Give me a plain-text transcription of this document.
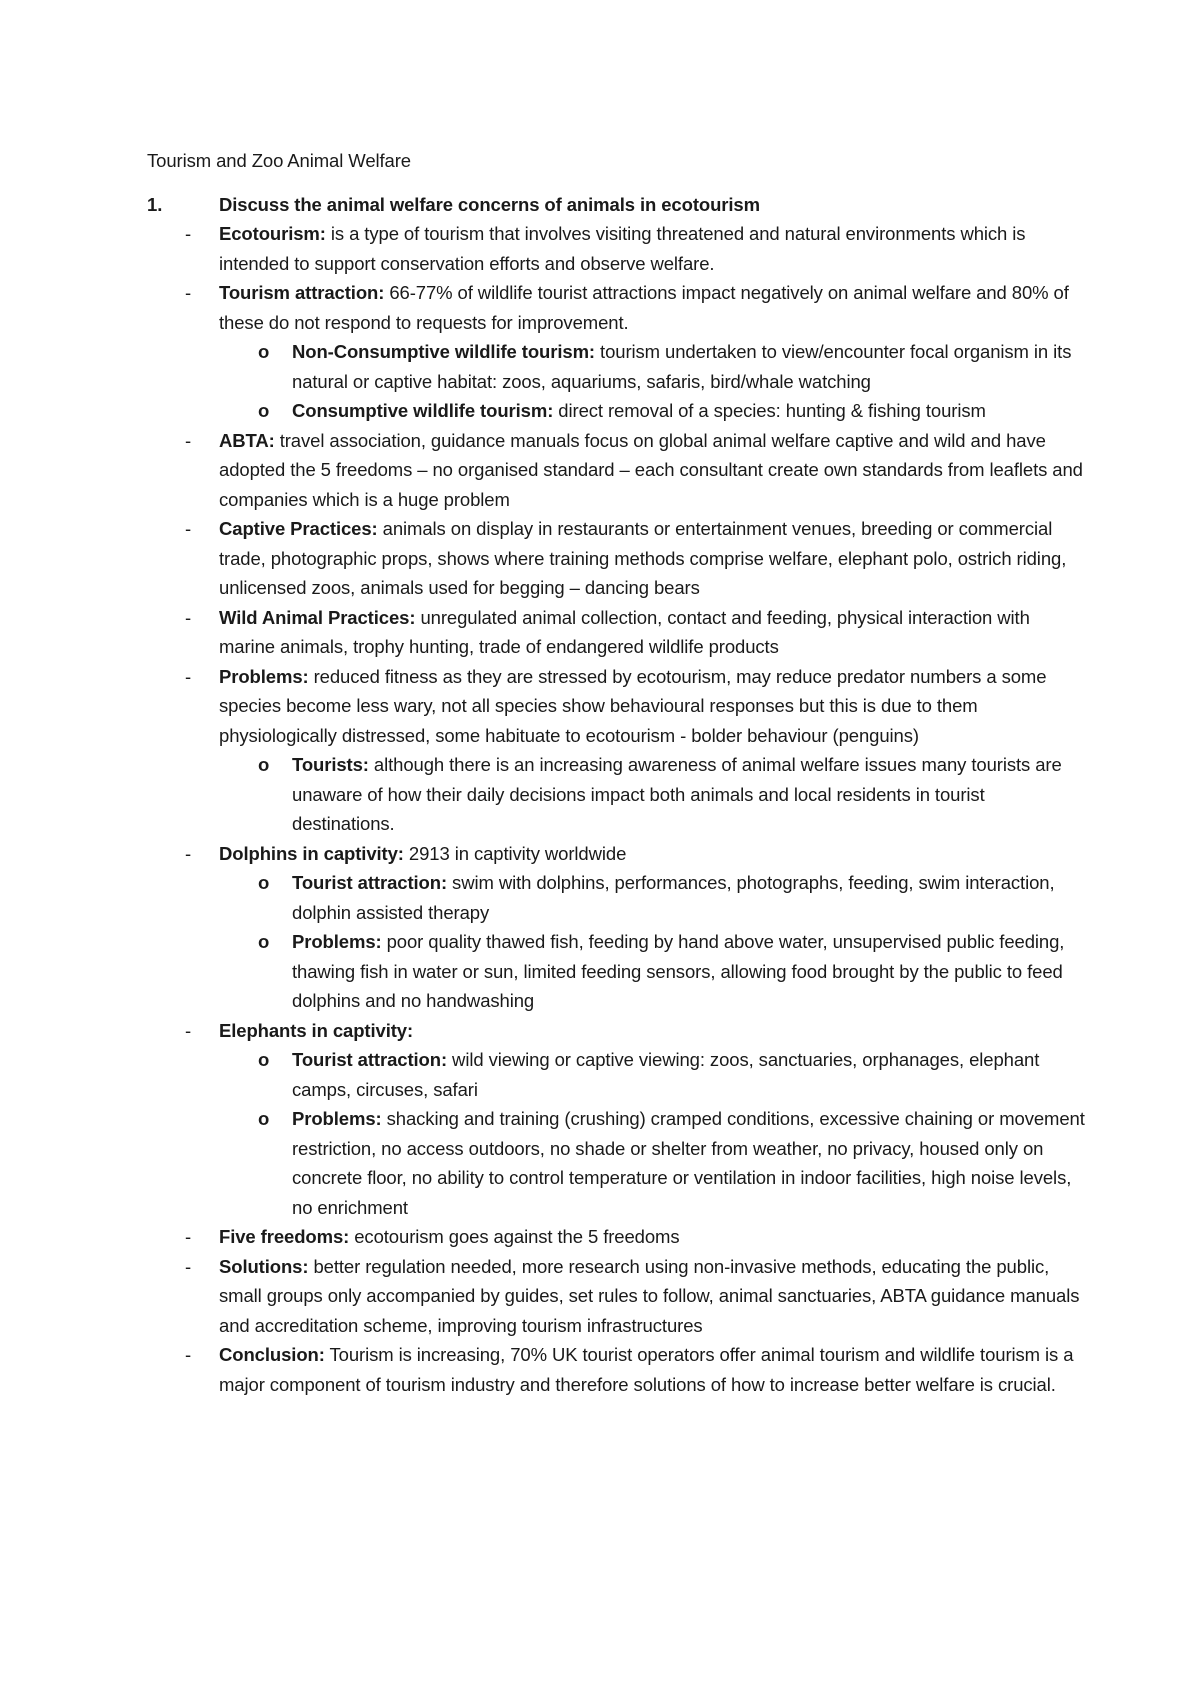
Tourism and Zoo Animal Welfare
1.	Discuss the animal welfare concerns of animals in ecotourism
- Ecotourism: is a type of tourism that involves visiting threatened and natural environments which is intended to support conservation efforts and observe welfare.
- Tourism attraction: 66-77% of wildlife tourist attractions impact negatively on animal welfare and 80% of these do not respond to requests for improvement.
o Non-Consumptive wildlife tourism: tourism undertaken to view/encounter focal organism in its natural or captive habitat: zoos, aquariums, safaris, bird/whale watching
o Consumptive wildlife tourism: direct removal of a species: hunting & fishing tourism
- ABTA: travel association, guidance manuals focus on global animal welfare captive and wild and have adopted the 5 freedoms – no organised standard – each consultant create own standards from leaflets and companies which is a huge problem
- Captive Practices: animals on display in restaurants or entertainment venues, breeding or commercial trade, photographic props, shows where training methods comprise welfare, elephant polo, ostrich riding, unlicensed zoos, animals used for begging – dancing bears
- Wild Animal Practices: unregulated animal collection, contact and feeding, physical interaction with marine animals, trophy hunting, trade of endangered wildlife products
- Problems: reduced fitness as they are stressed by ecotourism, may reduce predator numbers a some species become less wary, not all species show behavioural responses but this is due to them physiologically distressed, some habituate to ecotourism - bolder behaviour (penguins)
o Tourists: although there is an increasing awareness of animal welfare issues many tourists are unaware of how their daily decisions impact both animals and local residents in tourist destinations.
- Dolphins in captivity: 2913 in captivity worldwide
o Tourist attraction: swim with dolphins, performances, photographs, feeding, swim interaction, dolphin assisted therapy
o Problems: poor quality thawed fish, feeding by hand above water, unsupervised public feeding, thawing fish in water or sun, limited feeding sensors, allowing food brought by the public to feed dolphins and no handwashing
- Elephants in captivity:
o Tourist attraction: wild viewing or captive viewing: zoos, sanctuaries, orphanages, elephant camps, circuses, safari
o Problems: shacking and training (crushing) cramped conditions, excessive chaining or movement restriction, no access outdoors, no shade or shelter from weather, no privacy, housed only on concrete floor, no ability to control temperature or ventilation in indoor facilities, high noise levels, no enrichment
- Five freedoms: ecotourism goes against the 5 freedoms
- Solutions: better regulation needed, more research using non-invasive methods, educating the public, small groups only accompanied by guides, set rules to follow, animal sanctuaries, ABTA guidance manuals and accreditation scheme, improving tourism infrastructures
- Conclusion: Tourism is increasing, 70% UK tourist operators offer animal tourism and wildlife tourism is a major component of tourism industry and therefore solutions of how to increase better welfare is crucial.
